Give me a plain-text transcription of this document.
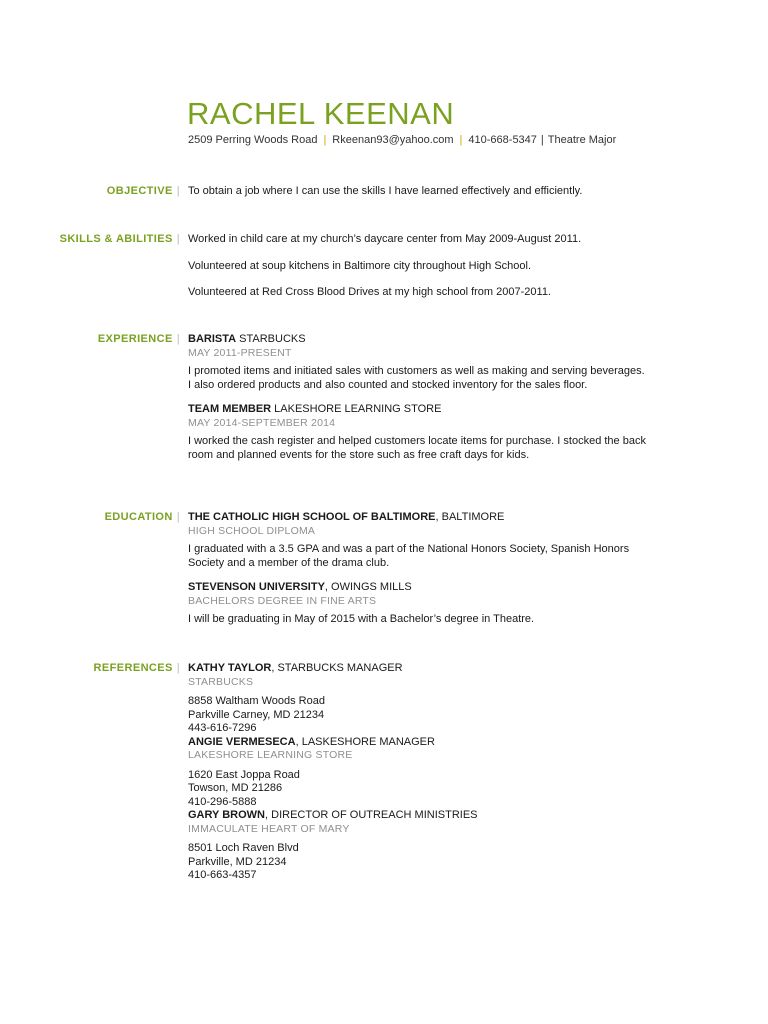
RACHEL KEENAN
2509 Perring Woods Road | Rkeenan93@yahoo.com | 410-668-5347 | Theatre Major
OBJECTIVE | To obtain a job where I can use the skills I have learned effectively and efficiently.
SKILLS & ABILITIES | Worked in child care at my church’s daycare center from May 2009-August 2011.

Volunteered at soup kitchens in Baltimore city throughout High School.

Volunteered at Red Cross Blood Drives at my high school from 2007-2011.

EXPERIENCE | BARISTA STARBUCKS
MAY 2011-PRESENT
I promoted items and initiated sales with customers as well as making and serving beverages. I also ordered products and also counted and stocked inventory for the sales floor.
TEAM MEMBER LAKESHORE LEARNING STORE
MAY 2014-SEPTEMBER 2014
I worked the cash register and helped customers locate items for purchase. I stocked the back room and planned events for the store such as free craft days for kids.
EDUCATION | THE CATHOLIC HIGH SCHOOL OF BALTIMORE, BALTIMORE
HIGH SCHOOL DIPLOMA
I graduated with a 3.5 GPA and was a part of the National Honors Society, Spanish Honors Society and a member of the drama club.
STEVENSON UNIVERSITY, OWINGS MILLS
BACHELORS DEGREE IN FINE ARTS
I will be graduating in May of 2015 with a Bachelor’s degree in Theatre.
REFERENCES | KATHY TAYLOR, STARBUCKS MANAGER
STARBUCKS
8858 Waltham Woods Road
Parkville Carney, MD 21234
443-616-7296
ANGIE VERMESECA, LASKESHORE MANAGER
LAKESHORE LEARNING STORE
1620 East Joppa Road
Towson, MD 21286
410-296-5888
GARY BROWN, DIRECTOR OF OUTREACH MINISTRIES
IMMACULATE HEART OF MARY
8501 Loch Raven Blvd
Parkville, MD 21234
410-663-4357
